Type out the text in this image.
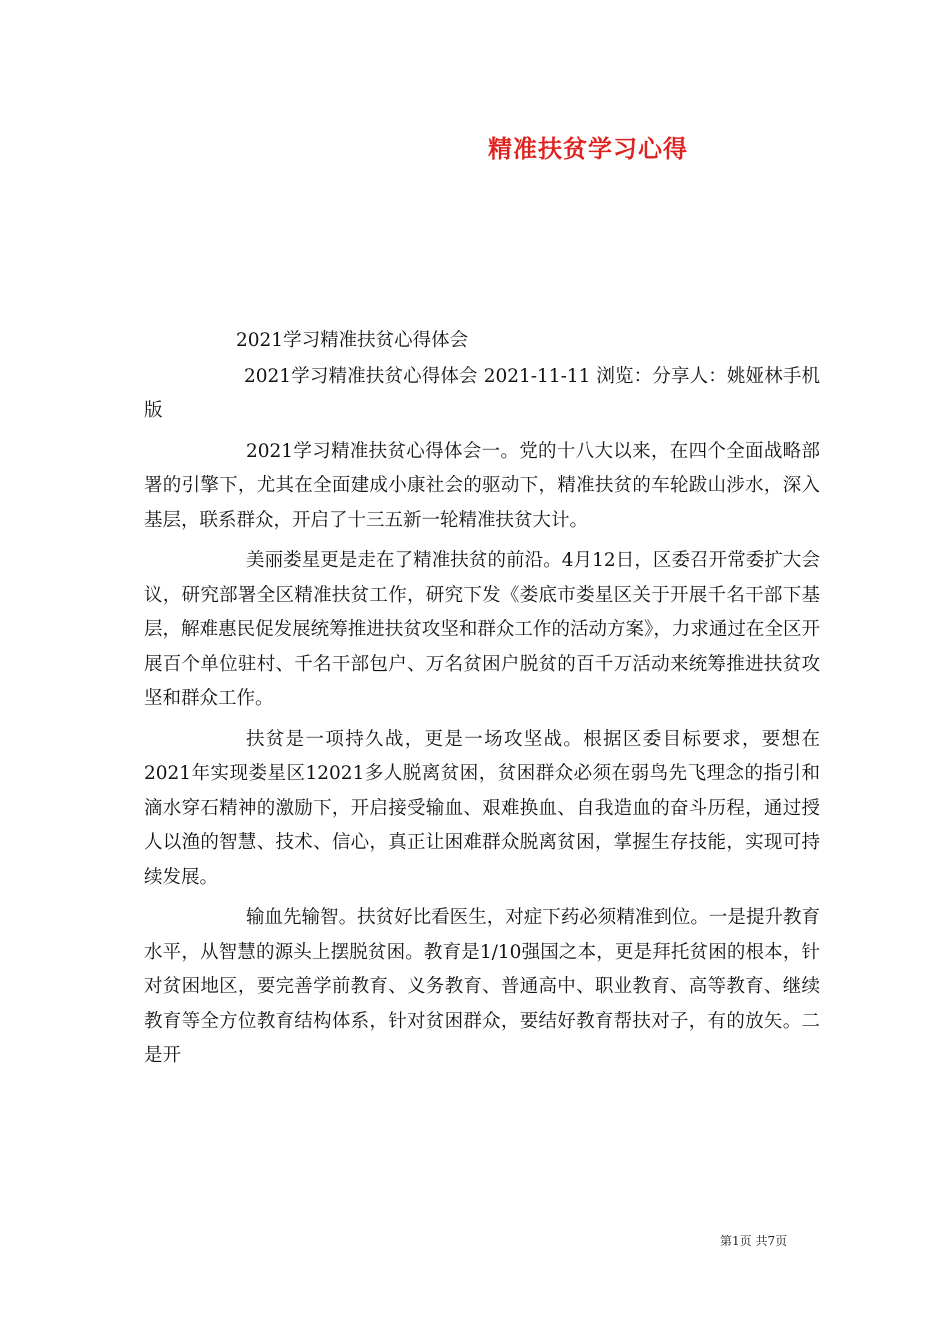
精准扶贫学习心得

2021学习精准扶贫心得体会

2021学习精准扶贫心得体会 2021-11-11 浏览：分享人：姚娅林手机版

2021学习精准扶贫心得体会一。党的十八大以来，在四个全面战略部署的引擎下，尤其在全面建成小康社会的驱动下，精准扶贫的车轮跋山涉水，深入基层，联系群众，开启了十三五新一轮精准扶贫大计。

美丽娄星更是走在了精准扶贫的前沿。4月12日，区委召开常委扩大会议，研究部署全区精准扶贫工作，研究下发《娄底市娄星区关于开展千名干部下基层，解难惠民促发展统筹推进扶贫攻坚和群众工作的活动方案》，力求通过在全区开展百个单位驻村、千名干部包户、万名贫困户脱贫的百千万活动来统筹推进扶贫攻坚和群众工作。

扶贫是一项持久战，更是一场攻坚战。根据区委目标要求，要想在2021年实现娄星区12021多人脱离贫困，贫困群众必须在弱鸟先飞理念的指引和滴水穿石精神的激励下，开启接受输血、艰难换血、自我造血的奋斗历程，通过授人以渔的智慧、技术、信心，真正让困难群众脱离贫困，掌握生存技能，实现可持续发展。

输血先输智。扶贫好比看医生，对症下药必须精准到位。一是提升教育水平，从智慧的源头上摆脱贫困。教育是1/10强国之本，更是拜托贫困的根本，针对贫困地区，要完善学前教育、义务教育、普通高中、职业教育、高等教育、继续教育等全方位教育结构体系，针对贫困群众，要结好教育帮扶对子，有的放矢。二是开

第1页 共7页
